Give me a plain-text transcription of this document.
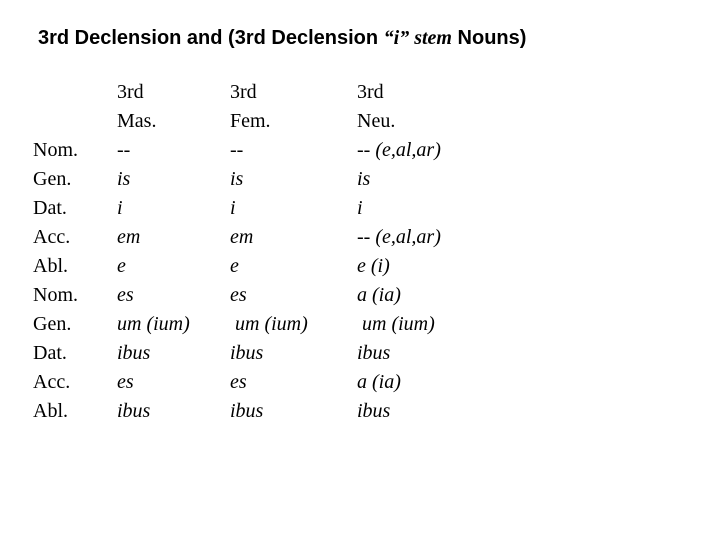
3rd Declension and (3rd Declension “i” stem Nouns)
Nom.
Gen.
Dat.
Acc.
Abl.
Nom.
Gen.
Dat.
Acc.
Abl.
3rd
Mas.
--
is
i
em
e
es
um (ium)
ibus
es
ibus
3rd
Fem.
--
is
i
em
e
es
um (ium)
ibus
es
ibus
3rd
Neu.
-- (e,al,ar)
is
i
-- (e,al,ar)
e (i)
a (ia)
um (ium)
ibus
a (ia)
ibus
